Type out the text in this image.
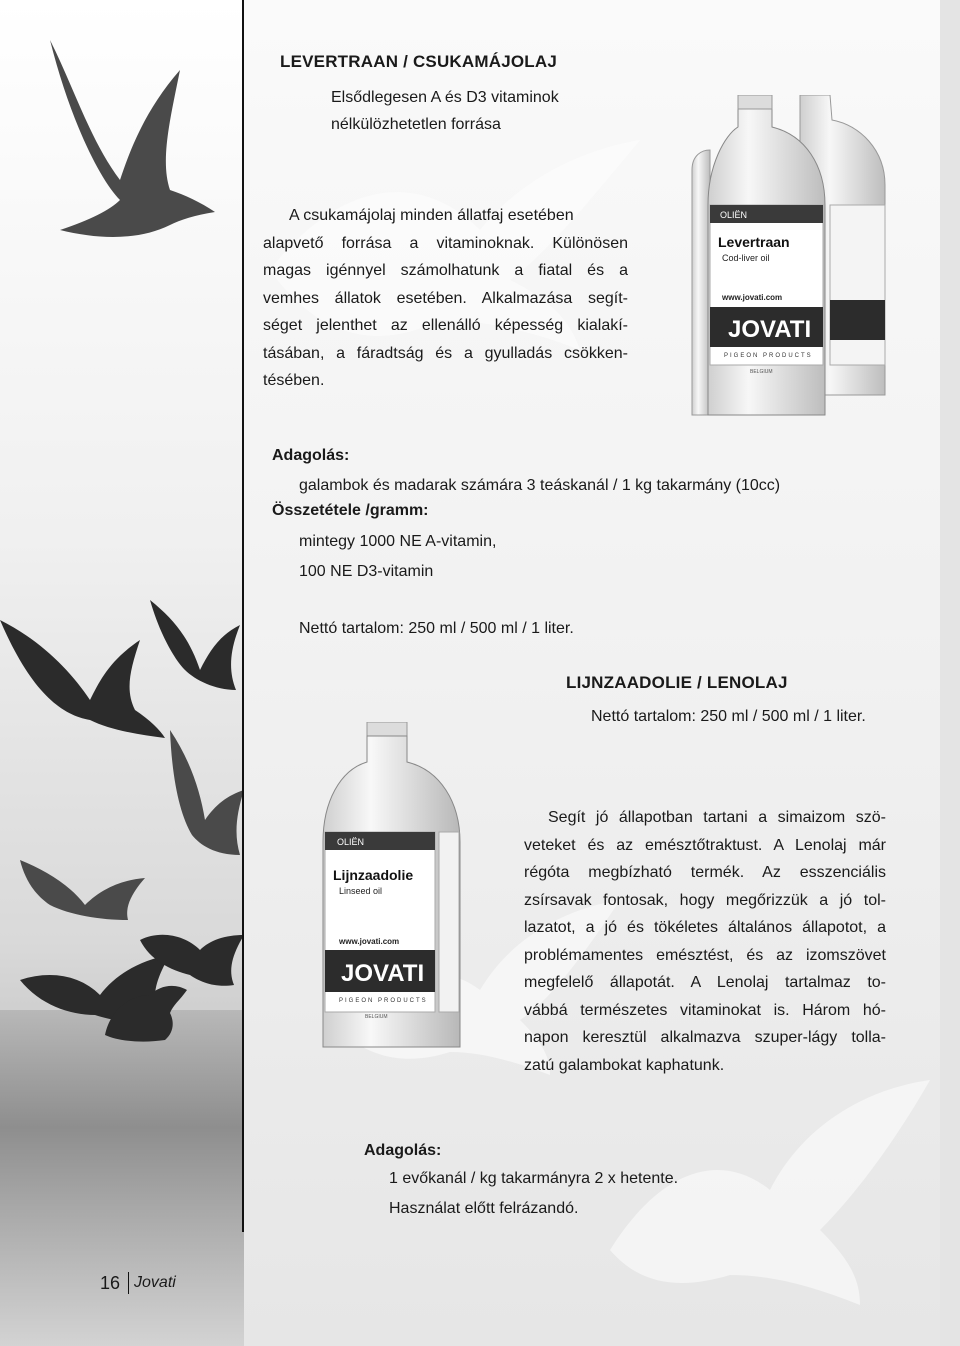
LEVERTRAAN / CSUKAMÁJOLAJ
Elsődlegesen A és D3 vitaminok
nélkülözhetetlen forrása
A csukamájolaj minden állatfaj esetében
alapvető forrása a vitaminoknak. Különösen
magas igénnyel számolhatunk a fiatal és a
vemhes állatok esetében. Alkalmazása segít-
séget jelenthet az ellenálló képesség kialakí-
tásában, a fáradtság és a gyulladás csökken-
tésében.
OLIËN
Levertraan
Cod-liver oil
www.jovati.com
JOVATI
PIGEON PRODUCTS
BELGIUM
Adagolás:
galambok és madarak számára 3 teáskanál / 1 kg takarmány (10cc)
Összetétele /gramm:
mintegy 1000 NE A-vitamin,
100 NE D3-vitamin
Nettó tartalom: 250 ml / 500 ml / 1 liter.
LIJNZAADOLIE / LENOLAJ
Nettó tartalom: 250 ml / 500 ml / 1 liter.
OLIËN
Lijnzaadolie
Linseed oil
www.jovati.com
JOVATI
PIGEON PRODUCTS
BELGIUM
Segít jó állapotban tartani a simaizom szö-
veteket és az emésztőtraktust. A Lenolaj már
régóta megbízható termék. Az esszenciális
zsírsavak fontosak, hogy megőrizzük a jó tol-
lazatot, a jó és tökéletes általános állapotot, a
problémamentes emésztést, és az izomszövet
megfelelő állapotát. A Lenolaj tartalmaz to-
vábbá természetes vitaminokat is. Három hó-
napon keresztül alkalmazva szuper-lágy tolla-
zatú galambokat kaphatunk.
Adagolás:
1 evőkanál / kg takarmányra 2 x hetente.
Használat előtt felrázandó.
16 Jovati
